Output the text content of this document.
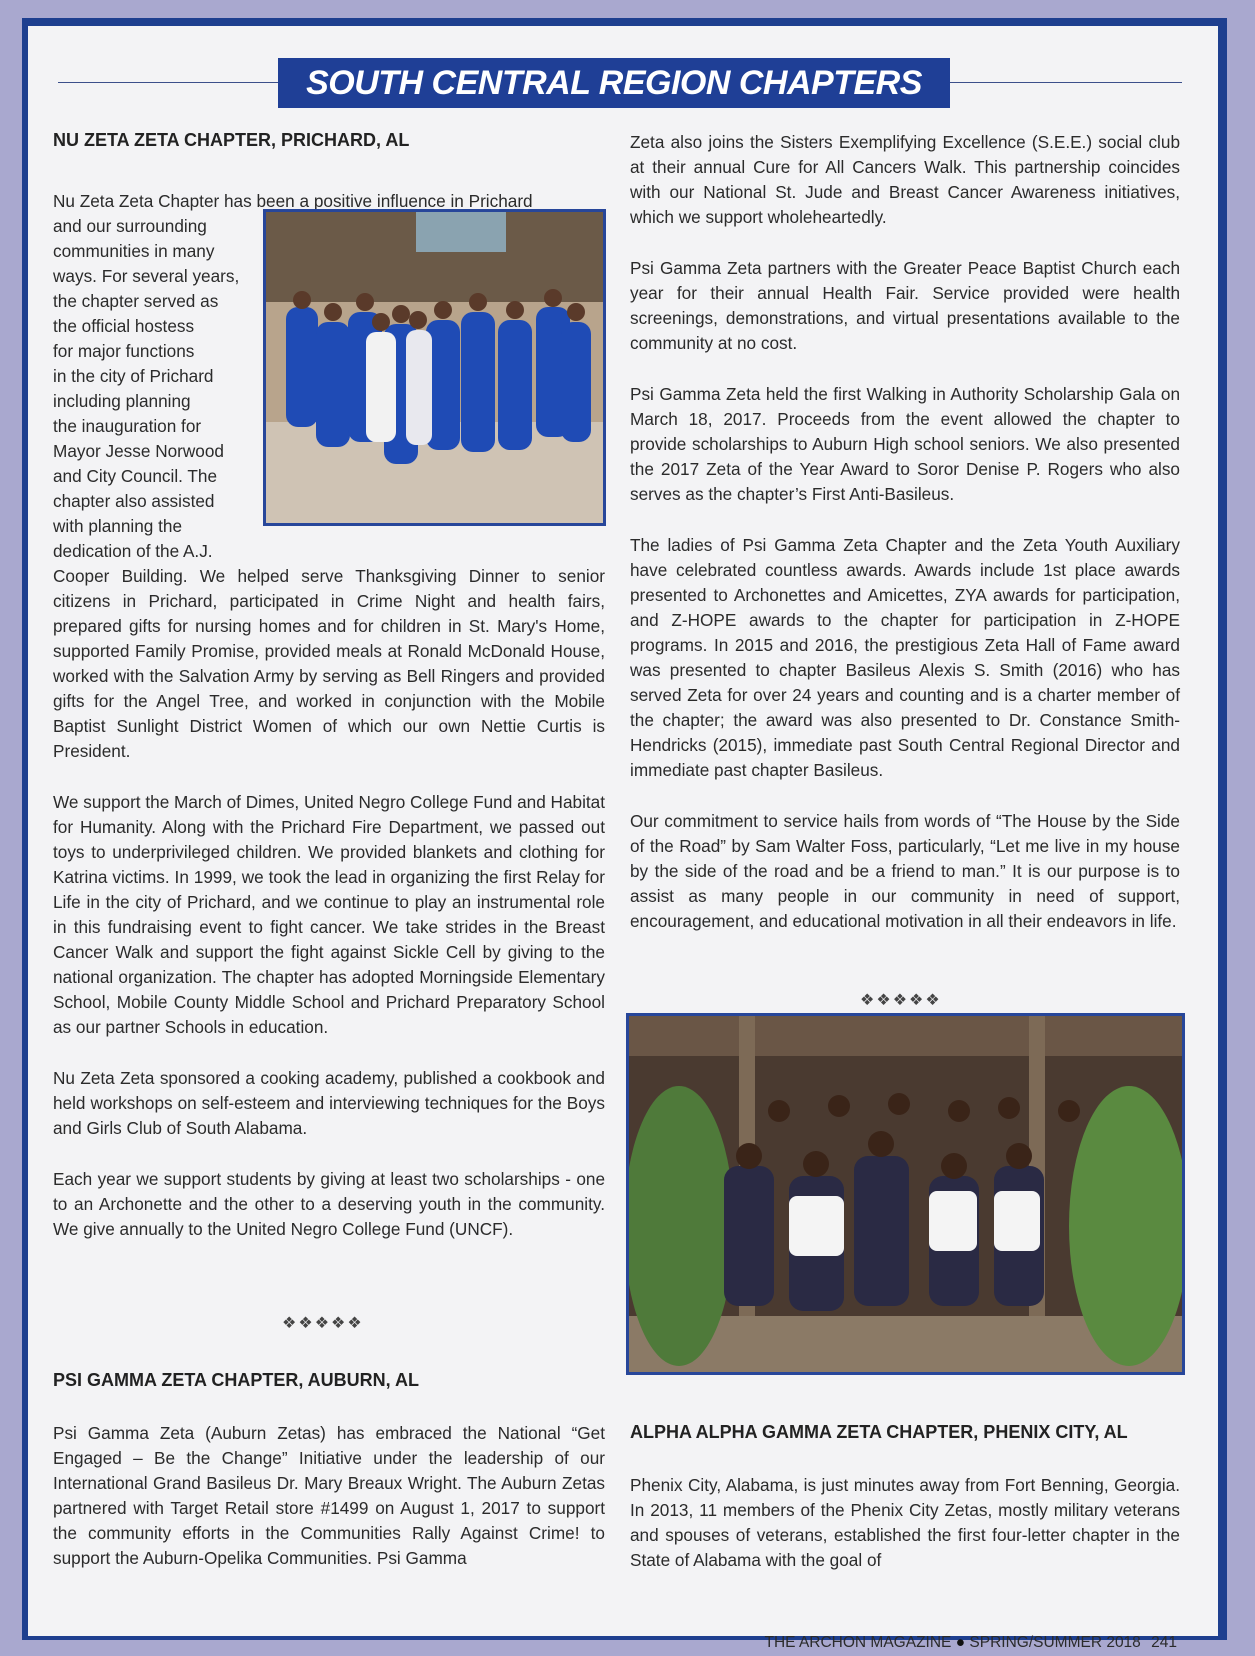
SOUTH CENTRAL REGION CHAPTERS
NU ZETA ZETA CHAPTER, PRICHARD, AL

Nu Zeta Zeta Chapter has been a positive influence in Prichard

and our surrounding

communities in many

ways. For several years,

the chapter served as

the official hostess

for major functions

in the city of Prichard

including planning

the inauguration for

Mayor Jesse Norwood

and City Council. The

chapter also assisted

with planning the

dedication of the A.J.

Cooper Building. We helped serve Thanksgiving Dinner to senior citizens in Prichard, participated in Crime Night and health fairs, prepared gifts for nursing homes and for children in St. Mary's Home, supported Family Promise, provided meals at Ronald McDonald House, worked with the Salvation Army by serving as Bell Ringers and provided gifts for the Angel Tree, and worked in conjunction with the Mobile Baptist Sunlight District Women of which our own Nettie Curtis is President.

We support the March of Dimes, United Negro College Fund and Habitat for Humanity. Along with the Prichard Fire Department, we passed out toys to underprivileged children. We provided blankets and clothing for Katrina victims. In 1999, we took the lead in organizing the first Relay for Life in the city of Prichard, and we continue to play an instrumental role in this fundraising event to fight cancer. We take strides in the Breast Cancer Walk and support the fight against Sickle Cell by giving to the national organization. The chapter has adopted Morningside Elementary School, Mobile County Middle School and Prichard Preparatory School as our partner Schools in education.

Nu Zeta Zeta sponsored a cooking academy, published a cookbook and held workshops on self-esteem and interviewing techniques for the Boys and Girls Club of South Alabama.

Each year we support students by giving at least two scholarships - one to an Archonette and the other to a deserving youth in the community. We give annually to the United Negro College Fund (UNCF).

❖❖❖❖❖
PSI GAMMA ZETA CHAPTER, AUBURN, AL

Psi Gamma Zeta (Auburn Zetas) has embraced the National “Get Engaged – Be the Change” Initiative under the leadership of our International Grand Basileus Dr. Mary Breaux Wright. The Auburn Zetas partnered with Target Retail store #1499 on August 1, 2017 to support the community efforts in the Communities Rally Against Crime! to support the Auburn-Opelika Communities. Psi Gamma

Zeta also joins the Sisters Exemplifying Excellence (S.E.E.) social club at their annual Cure for All Cancers Walk. This partnership coincides with our National St. Jude and Breast Cancer Awareness initiatives, which we support wholeheartedly.

Psi Gamma Zeta partners with the Greater Peace Baptist Church each year for their annual Health Fair. Service provided were health screenings, demonstrations, and virtual presentations available to the community at no cost.

Psi Gamma Zeta held the first Walking in Authority Scholarship Gala on March 18, 2017. Proceeds from the event allowed the chapter to provide scholarships to Auburn High school seniors. We also presented the 2017 Zeta of the Year Award to Soror Denise P. Rogers who also serves as the chapter’s First Anti-Basileus.

The ladies of Psi Gamma Zeta Chapter and the Zeta Youth Auxiliary have celebrated countless awards. Awards include 1st place awards presented to Archonettes and Amicettes, ZYA awards for participation, and Z-HOPE awards to the chapter for participation in Z-HOPE programs. In 2015 and 2016, the prestigious Zeta Hall of Fame award was presented to chapter Basileus Alexis S. Smith (2016) who has served Zeta for over 24 years and counting and is a charter member of the chapter; the award was also presented to Dr. Constance Smith-Hendricks (2015), immediate past South Central Regional Director and immediate past chapter Basileus.

Our commitment to service hails from words of “The House by the Side of the Road” by Sam Walter Foss, particularly, “Let me live in my house by the side of the road and be a friend to man.” It is our purpose is to assist as many people in our community in need of support, encouragement, and educational motivation in all their endeavors in life.

❖❖❖❖❖
ALPHA ALPHA GAMMA ZETA CHAPTER, PHENIX CITY, AL

Phenix City, Alabama, is just minutes away from Fort Benning, Georgia. In 2013, 11 members of the Phenix City Zetas, mostly military veterans and spouses of veterans, established the first four-letter chapter in the State of Alabama with the goal of

THE ARCHON MAGAZINE ● SPRING/SUMMER 2018 241
